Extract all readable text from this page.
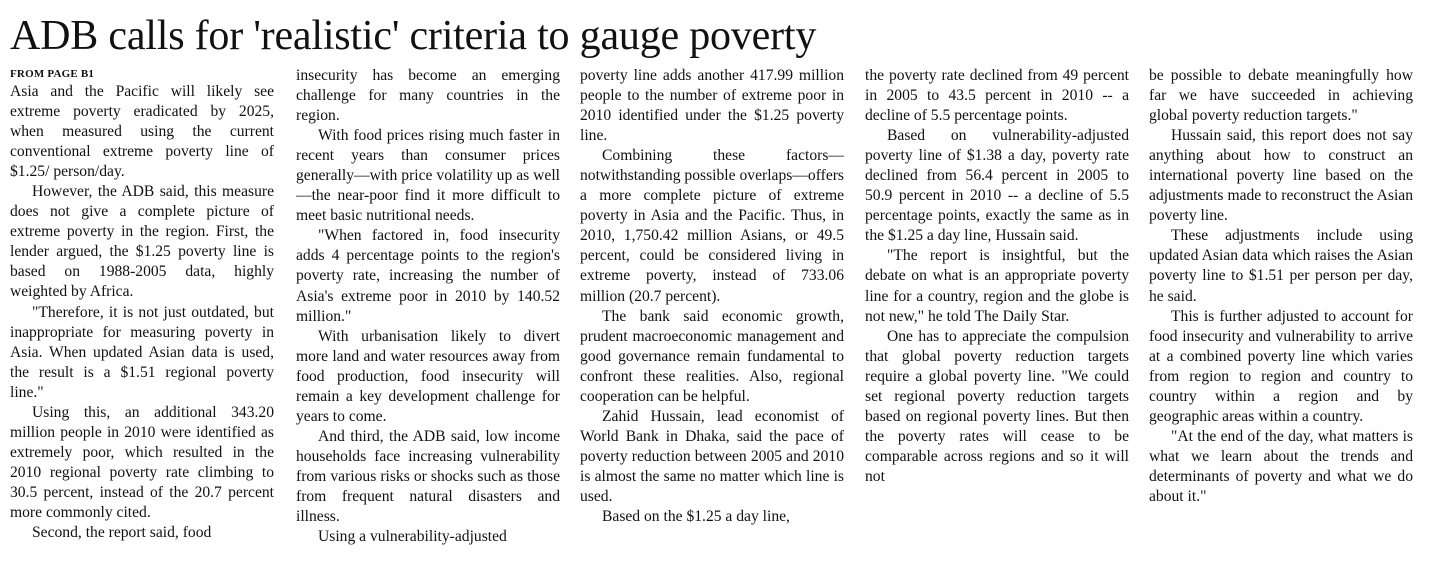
ADB calls for 'realistic' criteria to gauge poverty
FROM PAGE B1

Asia and the Pacific will likely see extreme poverty eradicated by 2025, when measured using the current conventional extreme poverty line of $1.25/ person/day.

However, the ADB said, this measure does not give a complete picture of extreme poverty in the region. First, the lender argued, the $1.25 poverty line is based on 1988-2005 data, highly weighted by Africa.

"Therefore, it is not just outdated, but inappropriate for measuring poverty in Asia. When updated Asian data is used, the result is a $1.51 regional poverty line."

Using this, an additional 343.20 million people in 2010 were identified as extremely poor, which resulted in the 2010 regional poverty rate climbing to 30.5 percent, instead of the 20.7 percent more commonly cited.

Second, the report said, food

insecurity has become an emerging challenge for many countries in the region.

With food prices rising much faster in recent years than consumer prices generally—with price volatility up as well—the near-poor find it more difficult to meet basic nutritional needs.

"When factored in, food insecurity adds 4 percentage points to the region's poverty rate, increasing the number of Asia's extreme poor in 2010 by 140.52 million."

With urbanisation likely to divert more land and water resources away from food production, food insecurity will remain a key development challenge for years to come.

And third, the ADB said, low income households face increasing vulnerability from various risks or shocks such as those from frequent natural disasters and illness.

Using a vulnerability-adjusted

poverty line adds another 417.99 million people to the number of extreme poor in 2010 identified under the $1.25 poverty line.

Combining these factors—notwithstanding possible overlaps—offers a more complete picture of extreme poverty in Asia and the Pacific. Thus, in 2010, 1,750.42 million Asians, or 49.5 percent, could be considered living in extreme poverty, instead of 733.06 million (20.7 percent).

The bank said economic growth, prudent macroeconomic management and good governance remain fundamental to confront these realities. Also, regional cooperation can be helpful.

Zahid Hussain, lead economist of World Bank in Dhaka, said the pace of poverty reduction between 2005 and 2010 is almost the same no matter which line is used.

Based on the $1.25 a day line,

the poverty rate declined from 49 percent in 2005 to 43.5 percent in 2010 -- a decline of 5.5 percentage points.

Based on vulnerability-adjusted poverty line of $1.38 a day, poverty rate declined from 56.4 percent in 2005 to 50.9 percent in 2010 -- a decline of 5.5 percentage points, exactly the same as in the $1.25 a day line, Hussain said.

"The report is insightful, but the debate on what is an appropriate poverty line for a country, region and the globe is not new," he told The Daily Star.

One has to appreciate the compulsion that global poverty reduction targets require a global poverty line. "We could set regional poverty reduction targets based on regional poverty lines. But then the poverty rates will cease to be comparable across regions and so it will not

be possible to debate meaningfully how far we have succeeded in achieving global poverty reduction targets."

Hussain said, this report does not say anything about how to construct an international poverty line based on the adjustments made to reconstruct the Asian poverty line.

These adjustments include using updated Asian data which raises the Asian poverty line to $1.51 per person per day, he said.

This is further adjusted to account for food insecurity and vulnerability to arrive at a combined poverty line which varies from region to region and country to country within a region and by geographic areas within a country.

"At the end of the day, what matters is what we learn about the trends and determinants of poverty and what we do about it."
